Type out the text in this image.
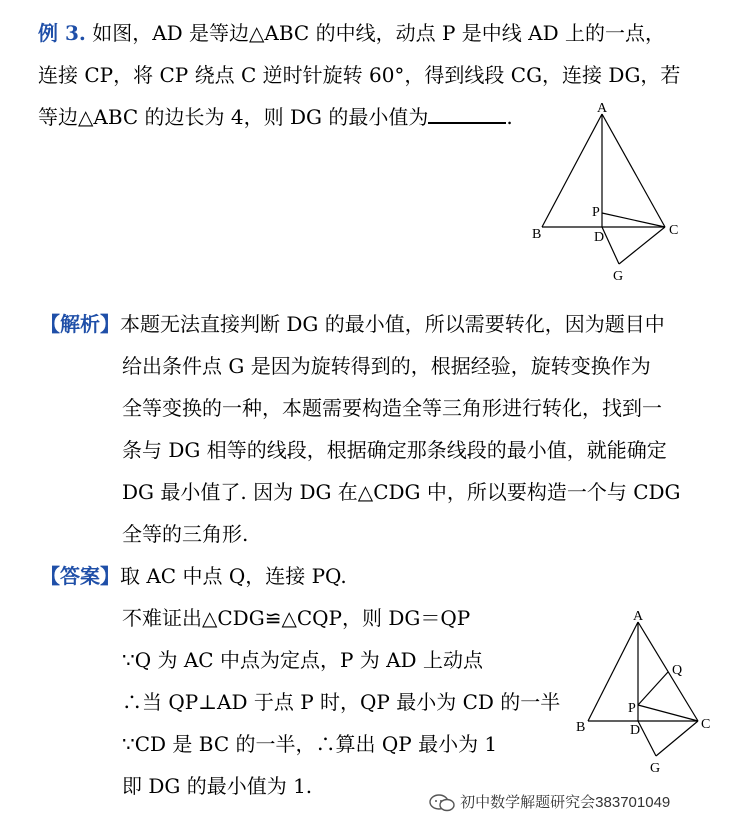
例 3. 如图，AD 是等边△ABC 的中线，动点 P 是中线 AD 上的一点，
连接 CP，将 CP 绕点 C 逆时针旋转 60°，得到线段 CG，连接 DG，若
等边△ABC 的边长为 4，则 DG 的最小值为	.	A
B	C
D
P
G
【解析】本题无法直接判断 DG 的最小值，所以需要转化，因为题目中
给出条件点 G 是因为旋转得到的，根据经验，旋转变换作为
全等变换的一种，本题需要构造全等三角形进行转化，找到一
条与 DG 相等的线段，根据确定那条线段的最小值，就能确定
DG 最小值了. 因为 DG 在△CDG 中，所以要构造一个与 CDG
全等的三角形.
【答案】取 AC 中点 Q，连接 PQ.
不难证出△CDG≌△CQP，则 DG＝QP
∵Q 为 AC 中点为定点，P 为 AD 上动点
∴当 QP⊥AD 于点 P 时，QP 最小为 CD 的一半
∵CD 是 BC 的一半，∴算出 QP 最小为 1
即 DG 的最小值为 1.
A
Q
P
B	D	C
G
初中数学解题研究会383701049
